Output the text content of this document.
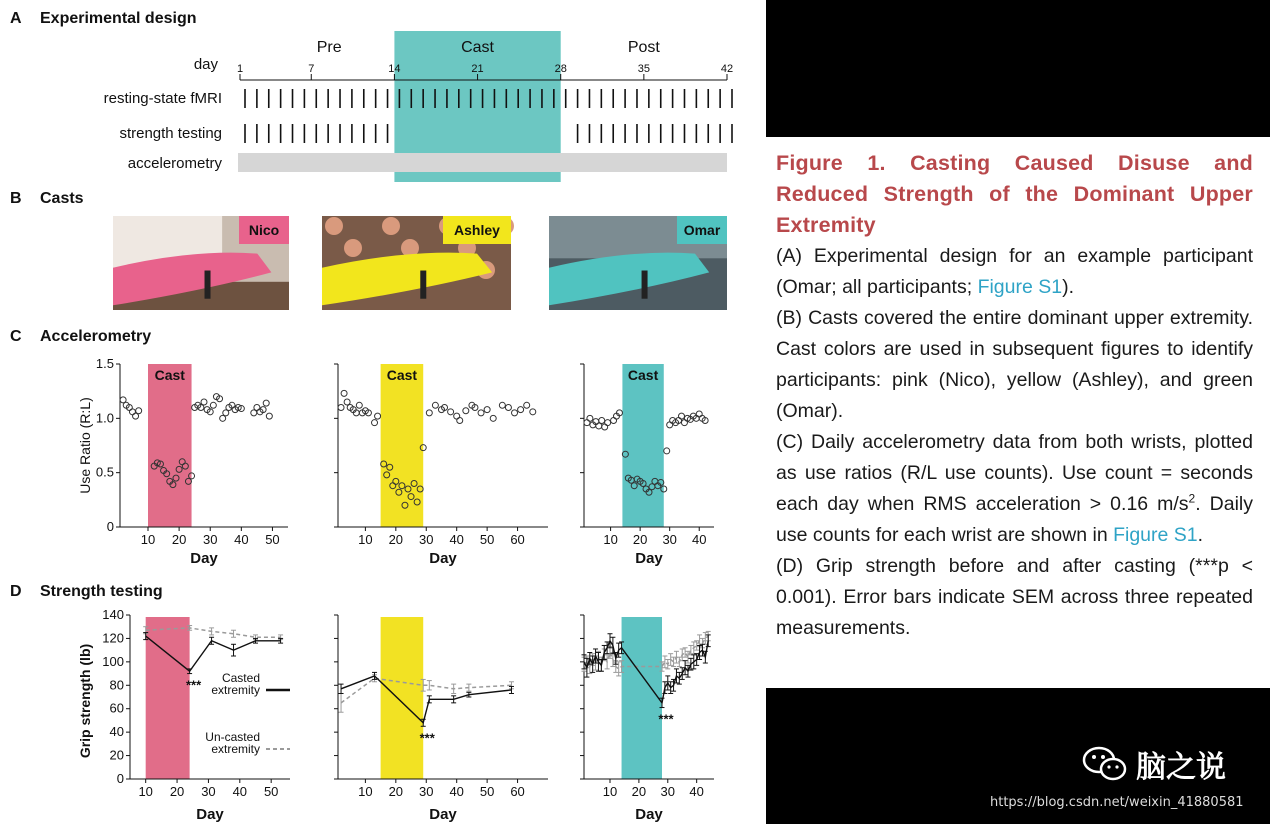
A Experimental design
Pre	Cast	Post
day 1	7	14	21	28	35	42
resting-state fMRI
strength testing
accelerometry
B Casts
Nico	Ashley	Omar
C Accelerometry
Cast
10 20 30 40 50
0
0.5
1.0
1.5
Day
Use Ratio (R:L)
Cast
10 20 30 40 50 60
Day
Cast
10 20 30 40
Day
D Strength testing
10 20 30 40 50
0
20
40
60
80
100
120
140
***
Day
Grip strength (lb)	Casted
extremity
Un-casted
extremity
10 20 30 40 50 60
***
Day
10 20 30 40
***
Day

Figure 1. Casting Caused Disuse and Reduced Strength of the Dominant Upper Extremity

(A) Experimental design for an example participant (Omar; all participants; Figure S1).

(B) Casts covered the entire dominant upper extremity. Cast colors are used in subsequent figures to identify participants: pink (Nico), yellow (Ashley), and green (Omar).

(C) Daily accelerometry data from both wrists, plotted as use ratios (R/L use counts). Use count = seconds each day when RMS acceleration > 0.16 $m/s^2$. Daily use counts for each wrist are shown in Figure S1.

(D) Grip strength before and after casting (***p < 0.001). Error bars indicate SEM across three repeated measurements.

脑之说
https://blog.csdn.net/weixin_41880581
